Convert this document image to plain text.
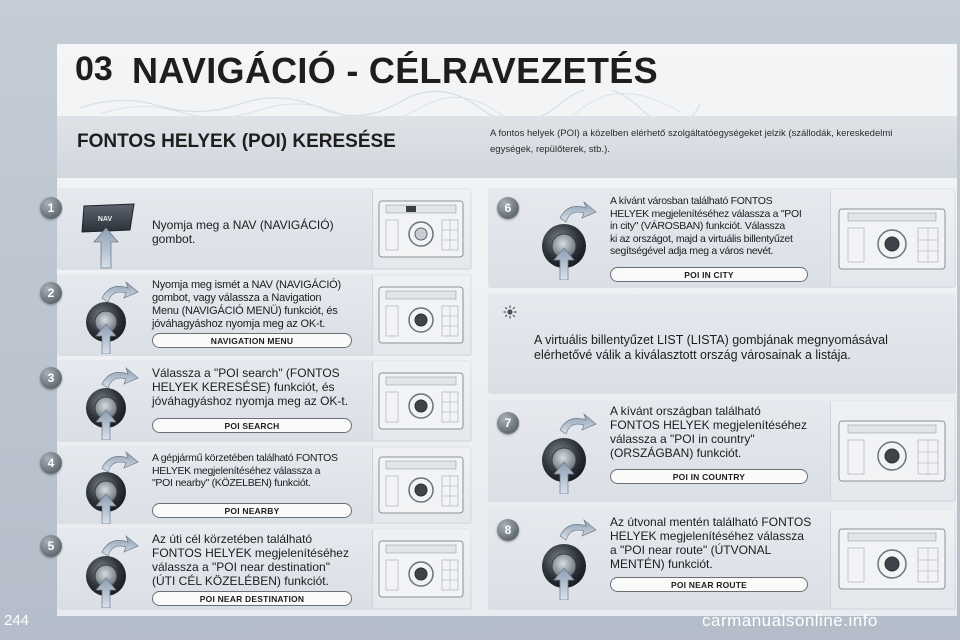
03 NAVIGÁCIÓ - CÉLRAVEZETÉS
FONTOS HELYEK (POI) KERESÉSE	A fontos helyek (POI) a közelben elérhető szolgáltatóegységeket jelzik (szállodák, kereskedelmi
egységek, repülőterek, stb.).
1
2
3
4
5
6
7
8
NAV	Nyomja meg a NAV (NAVIGÁCIÓ)
gombot.
Nyomja meg ismét a NAV (NAVIGÁCIÓ)
gombot, vagy válassza a Navigation
Menu (NAVIGÁCIÓ MENÜ) funkciót, és
jóváhagyáshoz nyomja meg az OK-t.
NAVIGATION MENU
Válassza a "POI search" (FONTOS
HELYEK KERESÉSE) funkciót, és
jóváhagyáshoz nyomja meg az OK-t.
POI SEARCH
A gépjármű körzetében található FONTOS
HELYEK megjelenítéséhez válassza a
"POI nearby" (KÖZELBEN) funkciót.
POI NEARBY
Az úti cél körzetében található
FONTOS HELYEK megjelenítéséhez
válassza a "POI near destination"
(ÚTI CÉL KÖZELÉBEN) funkciót.
POI NEAR DESTINATION
A kívánt városban található FONTOS
HELYEK megjelenítéséhez válassza a "POI
in city" (VÁROSBAN) funkciót. Válassza
ki az országot, majd a virtuális billentyűzet
segítségével adja meg a város nevét.
POI IN CITY
A virtuális billentyűzet LIST (LISTA) gombjának megnyomásával
elérhetővé válik a kiválasztott ország városainak a listája.
A kívánt országban található
FONTOS HELYEK megjelenítéséhez
válassza a "POI in country"
(ORSZÁGBAN) funkciót.
POI IN COUNTRY
Az útvonal mentén található FONTOS
HELYEK megjelenítéséhez válassza
a "POI near route" (ÚTVONAL
MENTÉN) funkciót.
POI NEAR ROUTE
244	carmanualsonline.info
